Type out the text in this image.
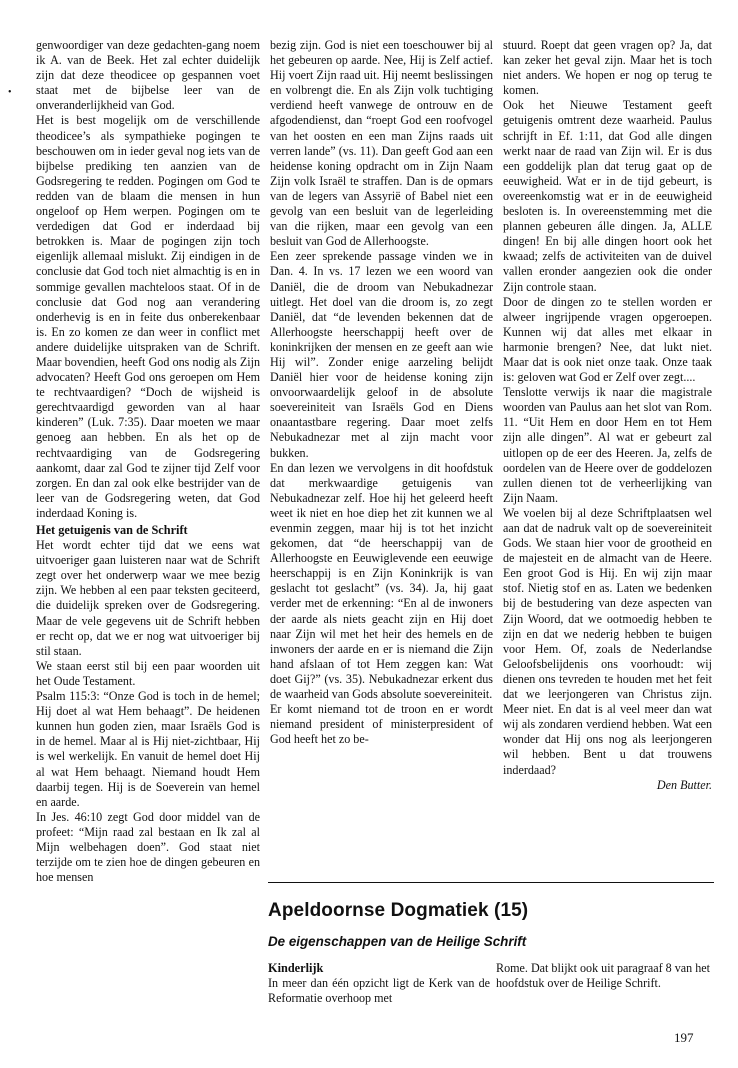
•

genwoordiger van deze gedachten-gang noem ik A. van de Beek. Het zal echter duidelijk zijn dat deze theodicee op gespannen voet staat met de bijbelse leer van de onveranderlijkheid van God.

Het is best mogelijk om de verschillende theodicee’s als sympathieke pogingen te beschouwen om in ieder geval nog iets van de bijbelse prediking ten aanzien van de Godsregering te redden. Pogingen om God te redden van de blaam die mensen in hun ongeloof op Hem werpen. Pogingen om te verdedigen dat God er inderdaad bij betrokken is. Maar de pogingen zijn toch eigenlijk allemaal mislukt. Zij eindigen in de conclusie dat God toch niet almachtig is en in sommige gevallen machteloos staat. Of in de conclusie dat God nog aan verandering onderhevig is en in feite dus onberekenbaar is. En zo komen ze dan weer in conflict met andere duidelijke uitspraken van de Schrift. Maar bovendien, heeft God ons nodig als Zijn advocaten? Heeft God ons geroepen om Hem te rechtvaardigen? “Doch de wijsheid is gerechtvaardigd geworden van al haar kinderen” (Luk. 7:35). Daar moeten we maar genoeg aan hebben. En als het op de rechtvaardiging van de Godsregering aankomt, daar zal God te zijner tijd Zelf voor zorgen. En dan zal ook elke bestrijder van de leer van de Godsregering weten, dat God inderdaad Koning is.

Het getuigenis van de Schrift

Het wordt echter tijd dat we eens wat uitvoeriger gaan luisteren naar wat de Schrift zegt over het onderwerp waar we mee bezig zijn. We hebben al een paar teksten geciteerd, die duidelijk spreken over de Godsregering. Maar de vele gegevens uit de Schrift hebben er recht op, dat we er nog wat uitvoeriger bij stil staan.

We staan eerst stil bij een paar woorden uit het Oude Testament.

Psalm 115:3: “Onze God is toch in de hemel; Hij doet al wat Hem behaagt”. De heidenen kunnen hun goden zien, maar Israëls God is in de hemel. Maar al is Hij niet-zichtbaar, Hij is wel werkelijk. En vanuit de hemel doet Hij al wat Hem behaagt. Niemand houdt Hem daarbij tegen. Hij is de Soeverein van hemel en aarde.

In Jes. 46:10 zegt God door middel van de profeet: “Mijn raad zal bestaan en Ik zal al Mijn welbehagen doen”. God staat niet terzijde om te zien hoe de dingen gebeuren en hoe mensen

bezig zijn. God is niet een toeschouwer bij al het gebeuren op aarde. Nee, Hij is Zelf actief. Hij voert Zijn raad uit. Hij neemt beslissingen en volbrengt die. En als Zijn volk tuchtiging verdiend heeft vanwege de ontrouw en de afgodendienst, dan “roept God een roofvogel van het oosten en een man Zijns raads uit verren lande” (vs. 11). Dan geeft God aan een heidense koning opdracht om in Zijn Naam Zijn volk Israël te straffen. Dan is de opmars van de legers van Assyrië of Babel niet een gevolg van een besluit van de legerleiding van die rijken, maar een gevolg van een besluit van God de Allerhoogste.

Een zeer sprekende passage vinden we in Dan. 4. In vs. 17 lezen we een woord van Daniël, die de droom van Nebukadnezar uitlegt. Het doel van die droom is, zo zegt Daniël, dat “de levenden bekennen dat de Allerhoogste heerschappij heeft over de koninkrijken der mensen en ze geeft aan wie Hij wil”. Zonder enige aarzeling belijdt Daniël hier voor de heidense koning zijn onvoorwaardelijk geloof in de absolute soevereiniteit van Israëls God en Diens onaantastbare regering. Daar moet zelfs Nebukadnezar met al zijn macht voor bukken.

En dan lezen we vervolgens in dit hoofdstuk dat merkwaardige getuigenis van Nebukadnezar zelf. Hoe hij het geleerd heeft weet ik niet en hoe diep het zit kunnen we al evenmin zeggen, maar hij is tot het inzicht gekomen, dat “de heerschappij van de Allerhoogste en Eeuwiglevende een eeuwige heerschappij is en Zijn Koninkrijk is van geslacht tot geslacht” (vs. 34). Ja, hij gaat verder met de erkenning: “En al de inwoners der aarde als niets geacht zijn en Hij doet naar Zijn wil met het heir des hemels en de inwoners der aarde en er is niemand die Zijn hand afslaan of tot Hem zeggen kan: Wat doet Gij?” (vs. 35). Nebukadnezar erkent dus de waarheid van Gods absolute soevereiniteit.

Er komt niemand tot de troon en er wordt niemand president of ministerpresident of God heeft het zo be-

stuurd. Roept dat geen vragen op? Ja, dat kan zeker het geval zijn. Maar het is toch niet anders. We hopen er nog op terug te komen.

Ook het Nieuwe Testament geeft getuigenis omtrent deze waarheid. Paulus schrijft in Ef. 1:11, dat God alle dingen werkt naar de raad van Zijn wil. Er is dus een goddelijk plan dat terug gaat op de eeuwigheid. Wat er in de tijd gebeurt, is overeenkomstig wat er in de eeuwigheid besloten is. In overeenstemming met die plannen gebeuren álle dingen. Ja, ALLE dingen! En bij alle dingen hoort ook het kwaad; zelfs de activiteiten van de duivel vallen eronder aangezien ook die onder Zijn controle staan.

Door de dingen zo te stellen worden er alweer ingrijpende vragen opgeroepen. Kunnen wij dat alles met elkaar in harmonie brengen? Nee, dat lukt niet. Maar dat is ook niet onze taak. Onze taak is: geloven wat God er Zelf over zegt....

Tenslotte verwijs ik naar die magistrale woorden van Paulus aan het slot van Rom. 11. “Uit Hem en door Hem en tot Hem zijn alle dingen”. Al wat er gebeurt zal uitlopen op de eer des Heeren. Ja, zelfs de oordelen van de Heere over de goddelozen zullen dienen tot de verheerlijking van Zijn Naam.

We voelen bij al deze Schriftplaatsen wel aan dat de nadruk valt op de soevereiniteit Gods. We staan hier voor de grootheid en de majesteit en de almacht van de Heere. Een groot God is Hij. En wij zijn maar stof. Nietig stof en as. Laten we bedenken bij de bestudering van deze aspecten van Zijn Woord, dat we ootmoedig hebben te zijn en dat we nederig hebben te buigen voor Hem. Of, zoals de Nederlandse Geloofsbelijdenis ons voorhoudt: wij dienen ons tevreden te houden met het feit dat we leerjongeren van Christus zijn. Meer niet. En dat is al veel meer dan wat wij als zondaren verdiend hebben. Wat een wonder dat Hij ons nog als leerjongeren wil hebben. Bent u dat trouwens inderdaad?

Den Butter.

Apeldoornse Dogmatiek (15)
De eigenschappen van de Heilige Schrift
Kinderlijk

In meer dan één opzicht ligt de Kerk van de Reformatie overhoop met

Rome. Dat blijkt ook uit paragraaf 8 van het hoofdstuk over de Heilige Schrift.

197
